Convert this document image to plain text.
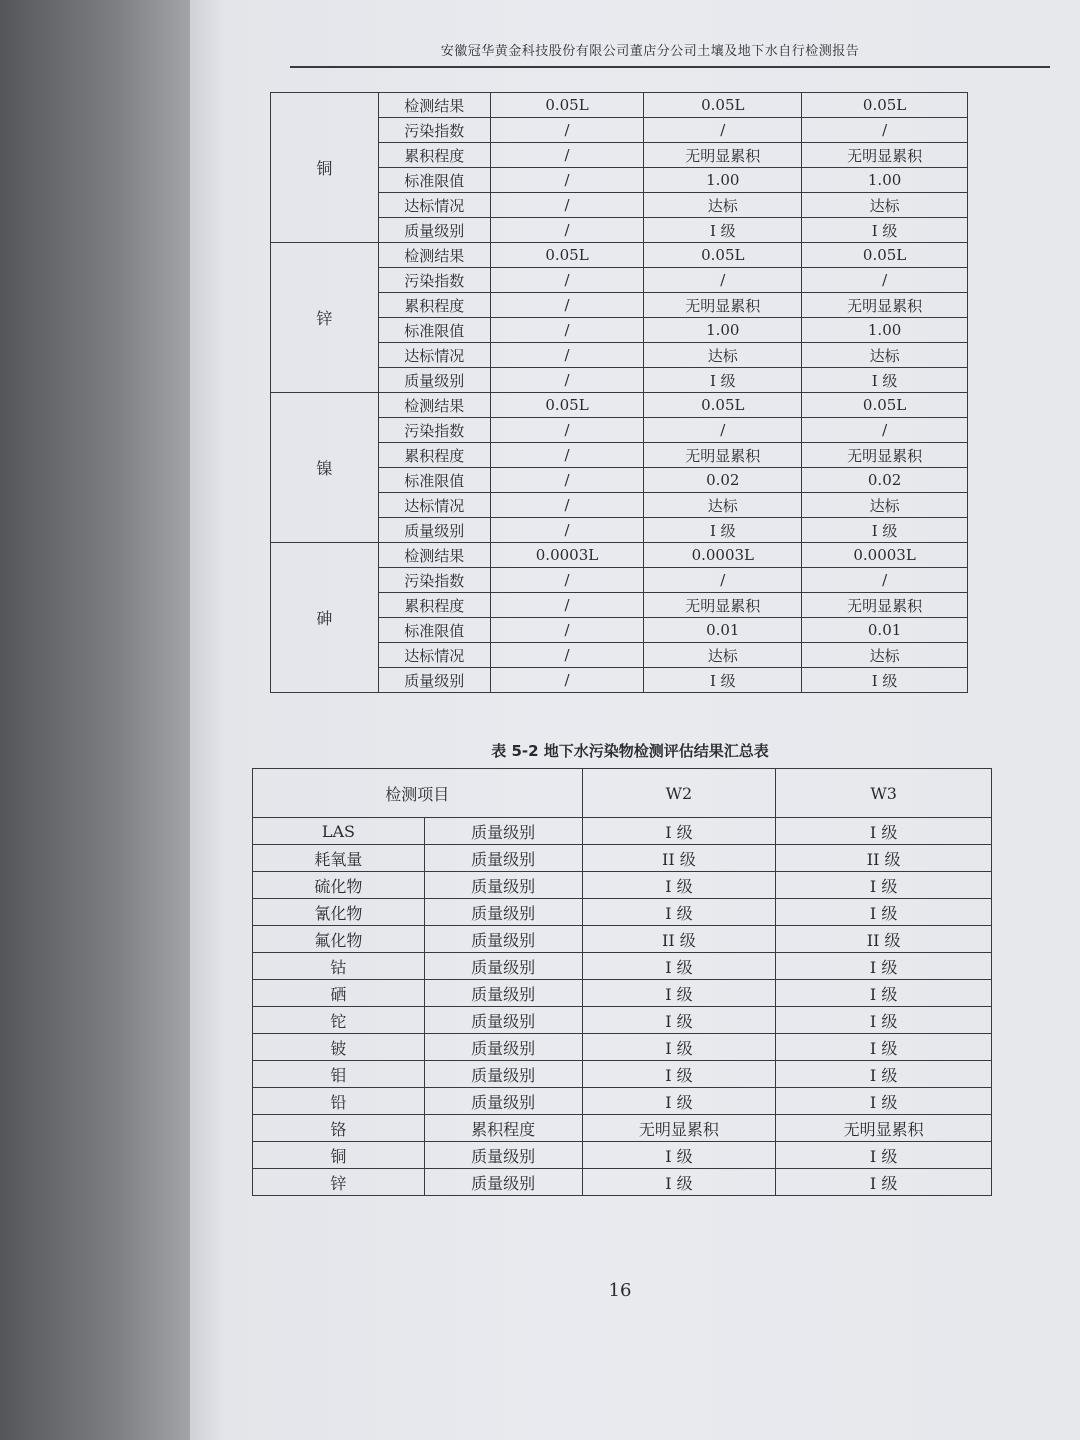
安徽冠华黄金科技股份有限公司董店分公司土壤及地下水自行检测报告
铜	检测结果	0.05L	0.05L	0.05L
	污染指数	/	/	/
	累积程度	/	无明显累积	无明显累积
	标准限值	/	1.00	1.00
	达标情况	/	达标	达标
	质量级别	/	I 级	I 级
锌	检测结果	0.05L	0.05L	0.05L
	污染指数	/	/	/
	累积程度	/	无明显累积	无明显累积
	标准限值	/	1.00	1.00
	达标情况	/	达标	达标
	质量级别	/	I 级	I 级
镍	检测结果	0.05L	0.05L	0.05L
	污染指数	/	/	/
	累积程度	/	无明显累积	无明显累积
	标准限值	/	0.02	0.02
	达标情况	/	达标	达标
	质量级别	/	I 级	I 级
砷	检测结果	0.0003L	0.0003L	0.0003L
	污染指数	/	/	/
	累积程度	/	无明显累积	无明显累积
	标准限值	/	0.01	0.01
	达标情况	/	达标	达标
	质量级别	/	I 级	I 级
表 5-2 地下水污染物检测评估结果汇总表
检测项目		W2	W3
LAS	质量级别	I 级	I 级
耗氧量	质量级别	II 级	II 级
硫化物	质量级别	I 级	I 级
氰化物	质量级别	I 级	I 级
氟化物	质量级别	II 级	II 级
钴	质量级别	I 级	I 级
硒	质量级别	I 级	I 级
铊	质量级别	I 级	I 级
铍	质量级别	I 级	I 级
钼	质量级别	I 级	I 级
铅	质量级别	I 级	I 级
铬	累积程度	无明显累积	无明显累积
铜	质量级别	I 级	I 级
锌	质量级别	I 级	I 级
16
